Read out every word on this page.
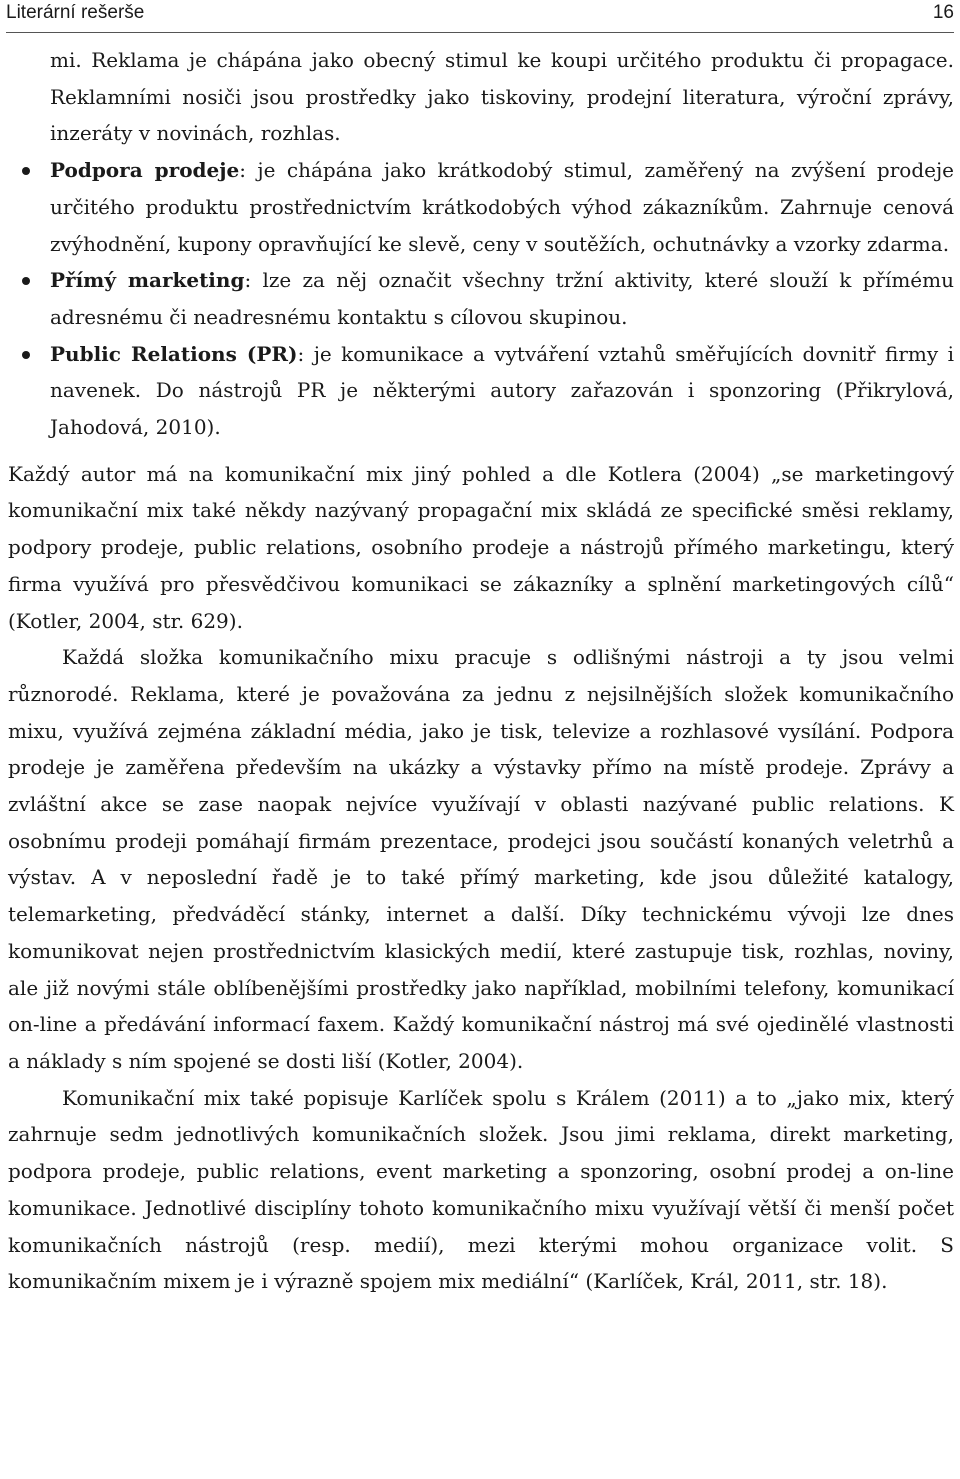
Literární rešerše	16
mi. Reklama je chápána jako obecný stimul ke koupi určitého produktu či propagace. Reklamními nosiči jsou prostředky jako tiskoviny, prodejní literatura, výroční zprávy, inzeráty v novinách, rozhlas.
Podpora prodeje: je chápána jako krátkodobý stimul, zaměřený na zvýšení prodeje určitého produktu prostřednictvím krátkodobých výhod zákazníkům. Zahrnuje cenová zvýhodnění, kupony opravňující ke slevě, ceny v soutěžích, ochutnávky a vzorky zdarma.
Přímý marketing: lze za něj označit všechny tržní aktivity, které slouží k přímému adresnému či neadresnému kontaktu s cílovou skupinou.
Public Relations (PR): je komunikace a vytváření vztahů směřujících dovnitř firmy i navenek. Do nástrojů PR je některými autory zařazován i sponzoring (Přikrylová, Jahodová, 2010).

Každý autor má na komunikační mix jiný pohled a dle Kotlera (2004) „se marketingový komunikační mix také někdy nazývaný propagační mix skládá ze specifické směsi reklamy, podpory prodeje, public relations, osobního prodeje a nástrojů přímého marketingu, který firma využívá pro přesvědčivou komunikaci se zákazníky a splnění marketingových cílů“ (Kotler, 2004, str. 629).

Každá složka komunikačního mixu pracuje s odlišnými nástroji a ty jsou velmi různorodé. Reklama, které je považována za jednu z nejsilnějších složek komunikačního mixu, využívá zejména základní média, jako je tisk, televize a rozhlasové vysílání. Podpora prodeje je zaměřena především na ukázky a výstavky přímo na místě prodeje. Zprávy a zvláštní akce se zase naopak nejvíce využívají v oblasti nazývané public relations. K osobnímu prodeji pomáhají firmám prezentace, prodejci jsou součástí konaných veletrhů a výstav. A v neposlední řadě je to také přímý marketing, kde jsou důležité katalogy, telemarketing, předváděcí stánky, internet a další. Díky technickému vývoji lze dnes komunikovat nejen prostřednictvím klasických medií, které zastupuje tisk, rozhlas, noviny, ale již novými stále oblíbenějšími prostředky jako například, mobilními telefony, komunikací on-line a předávání informací faxem. Každý komunikační nástroj má své ojedinělé vlastnosti a náklady s ním spojené se dosti liší (Kotler, 2004).

Komunikační mix také popisuje Karlíček spolu s Králem (2011) a to „jako mix, který zahrnuje sedm jednotlivých komunikačních složek. Jsou jimi reklama, direkt marketing, podpora prodeje, public relations, event marketing a sponzoring, osobní prodej a on-line komunikace. Jednotlivé disciplíny tohoto komunikačního mixu využívají větší či menší počet komunikačních nástrojů (resp. medií), mezi kterými mohou organizace volit. S komunikačním mixem je i výrazně spojem mix mediální“ (Karlíček, Král, 2011, str. 18).
